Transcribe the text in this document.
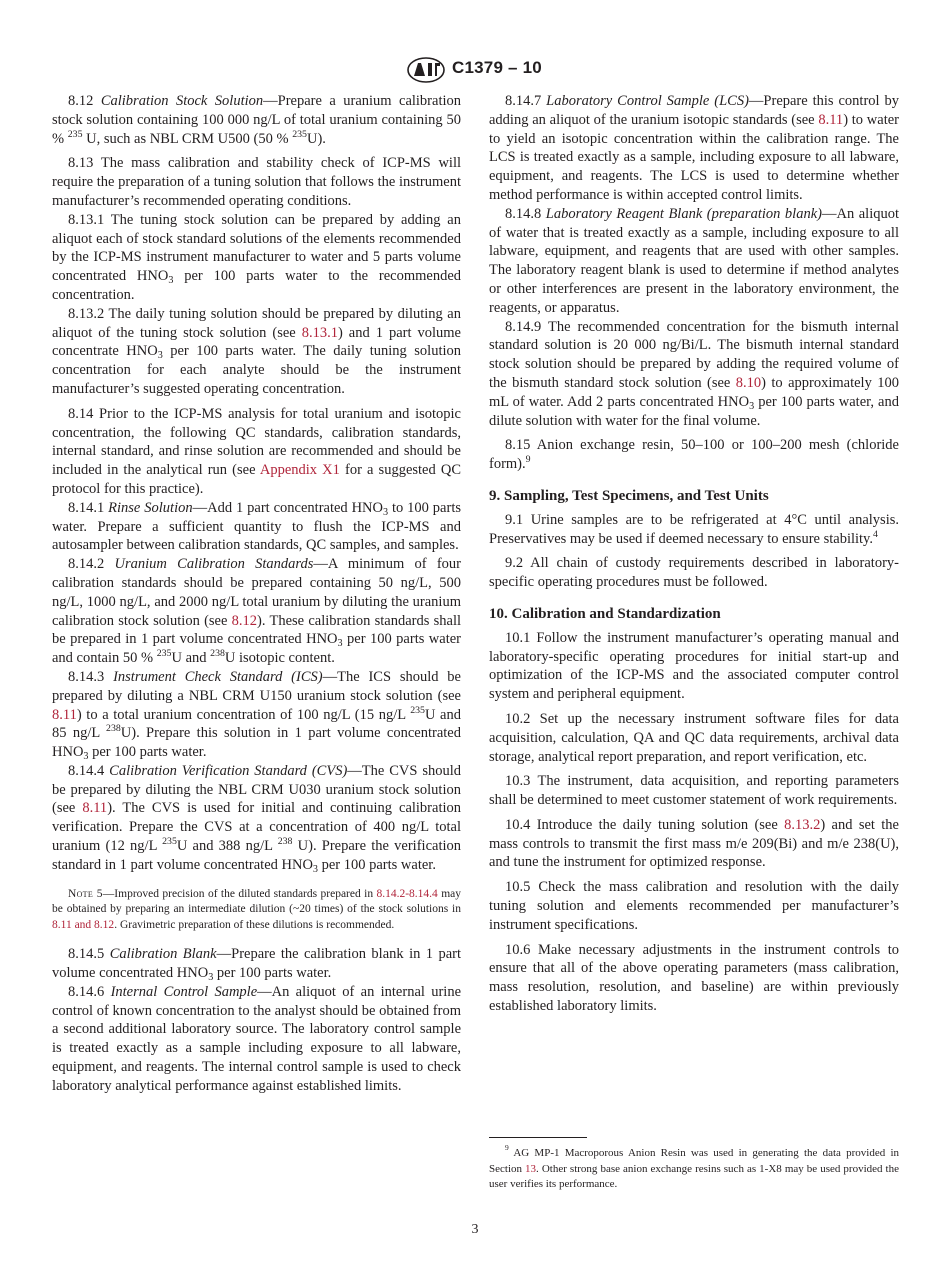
C1379 – 10

8.12 Calibration Stock Solution—Prepare a uranium calibration stock solution containing 100 000 ng/L of total uranium containing 50 % $^{235}$ U, such as NBL CRM U500 (50 % $^{235}$U).

8.13 The mass calibration and stability check of ICP-MS will require the preparation of a tuning solution that follows the instrument manufacturer’s recommended operating conditions.

8.13.1 The tuning stock solution can be prepared by adding an aliquot each of stock standard solutions of the elements recommended by the ICP-MS instrument manufacturer to water and 5 parts volume concentrated $HNO_3$ per 100 parts water to the recommended concentration.

8.13.2 The daily tuning solution should be prepared by diluting an aliquot of the tuning stock solution (see 8.13.1) and 1 part volume concentrate $HNO_3$ per 100 parts water. The daily tuning solution concentration for each analyte should be the instrument manufacturer’s suggested operating concentration.

8.14 Prior to the ICP-MS analysis for total uranium and isotopic concentration, the following QC standards, calibration standards, internal standard, and rinse solution are recommended and should be included in the analytical run (see Appendix X1 for a suggested QC protocol for this practice).

8.14.1 Rinse Solution—Add 1 part concentrated $HNO_3$ to 100 parts water. Prepare a sufficient quantity to flush the ICP-MS and autosampler between calibration standards, QC samples, and samples.

8.14.2 Uranium Calibration Standards—A minimum of four calibration standards should be prepared containing 50 ng/L, 500 ng/L, 1000 ng/L, and 2000 ng/L total uranium by diluting the uranium calibration stock solution (see 8.12). These calibration standards shall be prepared in 1 part volume concentrated $HNO_3$ per 100 parts water and contain 50 % $^{235}$U and $^{238}$U isotopic content.

8.14.3 Instrument Check Standard (ICS)—The ICS should be prepared by diluting a NBL CRM U150 uranium stock solution (see 8.11) to a total uranium concentration of 100 ng/L (15 ng/L $^{235}$U and 85 ng/L $^{238}$U). Prepare this solution in 1 part volume concentrated $HNO_3$ per 100 parts water.

8.14.4 Calibration Verification Standard (CVS)—The CVS should be prepared by diluting the NBL CRM U030 uranium stock solution (see 8.11). The CVS is used for initial and continuing calibration verification. Prepare the CVS at a concentration of 400 ng/L total uranium (12 ng/L $^{235}$U and 388 ng/L $^{238}$ U). Prepare the verification standard in 1 part volume concentrated $HNO_3$ per 100 parts water.

Note 5—Improved precision of the diluted standards prepared in 8.14.2-8.14.4 may be obtained by preparing an intermediate dilution (~20 times) of the stock solutions in 8.11 and 8.12. Gravimetric preparation of these dilutions is recommended.

8.14.5 Calibration Blank—Prepare the calibration blank in 1 part volume concentrated $HNO_3$ per 100 parts water.

8.14.6 Internal Control Sample—An aliquot of an internal urine control of known concentration to the analyst should be obtained from a second additional laboratory source. The laboratory control sample is treated exactly as a sample including exposure to all labware, equipment, and reagents. The internal control sample is used to check laboratory analytical performance against established limits.

8.14.7 Laboratory Control Sample (LCS)—Prepare this control by adding an aliquot of the uranium isotopic standards (see 8.11) to water to yield an isotopic concentration within the calibration range. The LCS is treated exactly as a sample, including exposure to all labware, equipment, and reagents. The LCS is used to determine whether method performance is within accepted control limits.

8.14.8 Laboratory Reagent Blank (preparation blank)—An aliquot of water that is treated exactly as a sample, including exposure to all labware, equipment, and reagents that are used with other samples. The laboratory reagent blank is used to determine if method analytes or other interferences are present in the laboratory environment, the reagents, or apparatus.

8.14.9 The recommended concentration for the bismuth internal standard solution is 20 000 ng/Bi/L. The bismuth internal standard stock solution should be prepared by adding the required volume of the bismuth standard stock solution (see 8.10) to approximately 100 mL of water. Add 2 parts concentrated $HNO_3$ per 100 parts water, and dilute solution with water for the final volume.

8.15 Anion exchange resin, 50–100 or 100–200 mesh (chloride form).$^9$

9. Sampling, Test Specimens, and Test Units

9.1 Urine samples are to be refrigerated at 4°C until analysis. Preservatives may be used if deemed necessary to ensure stability.$^4$

9.2 All chain of custody requirements described in laboratory-specific operating procedures must be followed.

10. Calibration and Standardization

10.1 Follow the instrument manufacturer’s operating manual and laboratory-specific operating procedures for initial start-up and optimization of the ICP-MS and the associated computer control system and peripheral equipment.

10.2 Set up the necessary instrument software files for data acquisition, calculation, QA and QC data requirements, archival data storage, analytical report preparation, and report verification, etc.

10.3 The instrument, data acquisition, and reporting parameters shall be determined to meet customer statement of work requirements.

10.4 Introduce the daily tuning solution (see 8.13.2) and set the mass controls to transmit the first mass m/e 209(Bi) and m/e 238(U), and tune the instrument for optimized response.

10.5 Check the mass calibration and resolution with the daily tuning solution and elements recommended per manufacturer’s instrument specifications.

10.6 Make necessary adjustments in the instrument controls to ensure that all of the above operating parameters (mass calibration, mass resolution, resolution, and baseline) are within previously established laboratory limits.

$^9$ AG MP-1 Macroporous Anion Resin was used in generating the data provided in Section 13. Other strong base anion exchange resins such as 1-X8 may be used provided the user verifies its performance.

3
